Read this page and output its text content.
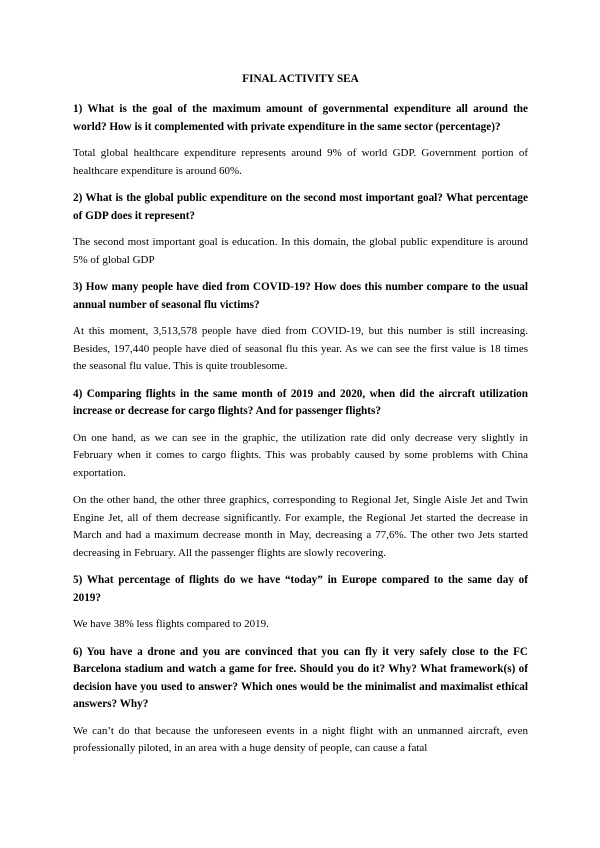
FINAL ACTIVITY SEA

1) What is the goal of the maximum amount of governmental expenditure all around the world? How is it complemented with private expenditure in the same sector (percentage)?

Total global healthcare expenditure represents around 9% of world GDP. Government portion of healthcare expenditure is around 60%.

2) What is the global public expenditure on the second most important goal? What percentage of GDP does it represent?

The second most important goal is education. In this domain, the global public expenditure is around 5% of global GDP

3) How many people have died from COVID-19? How does this number compare to the usual annual number of seasonal flu victims?

At this moment, 3,513,578 people have died from COVID-19, but this number is still increasing. Besides, 197,440 people have died of seasonal flu this year. As we can see the first value is 18 times the seasonal flu value. This is quite troublesome.

4) Comparing flights in the same month of 2019 and 2020, when did the aircraft utilization increase or decrease for cargo flights? And for passenger flights?

On one hand, as we can see in the graphic, the utilization rate did only decrease very slightly in February when it comes to cargo flights. This was probably caused by some problems with China exportation.

On the other hand, the other three graphics, corresponding to Regional Jet, Single Aisle Jet and Twin Engine Jet, all of them decrease significantly. For example, the Regional Jet started the decrease in March and had a maximum decrease month in May, decreasing a 77,6%. The other two Jets started decreasing in February. All the passenger flights are slowly recovering.

5) What percentage of flights do we have “today” in Europe compared to the same day of 2019?

We have 38% less flights compared to 2019.

6) You have a drone and you are convinced that you can fly it very safely close to the FC Barcelona stadium and watch a game for free. Should you do it? Why? What framework(s) of decision have you used to answer? Which ones would be the minimalist and maximalist ethical answers? Why?

We can’t do that because the unforeseen events in a night flight with an unmanned aircraft, even professionally piloted, in an area with a huge density of people, can cause a fatal
